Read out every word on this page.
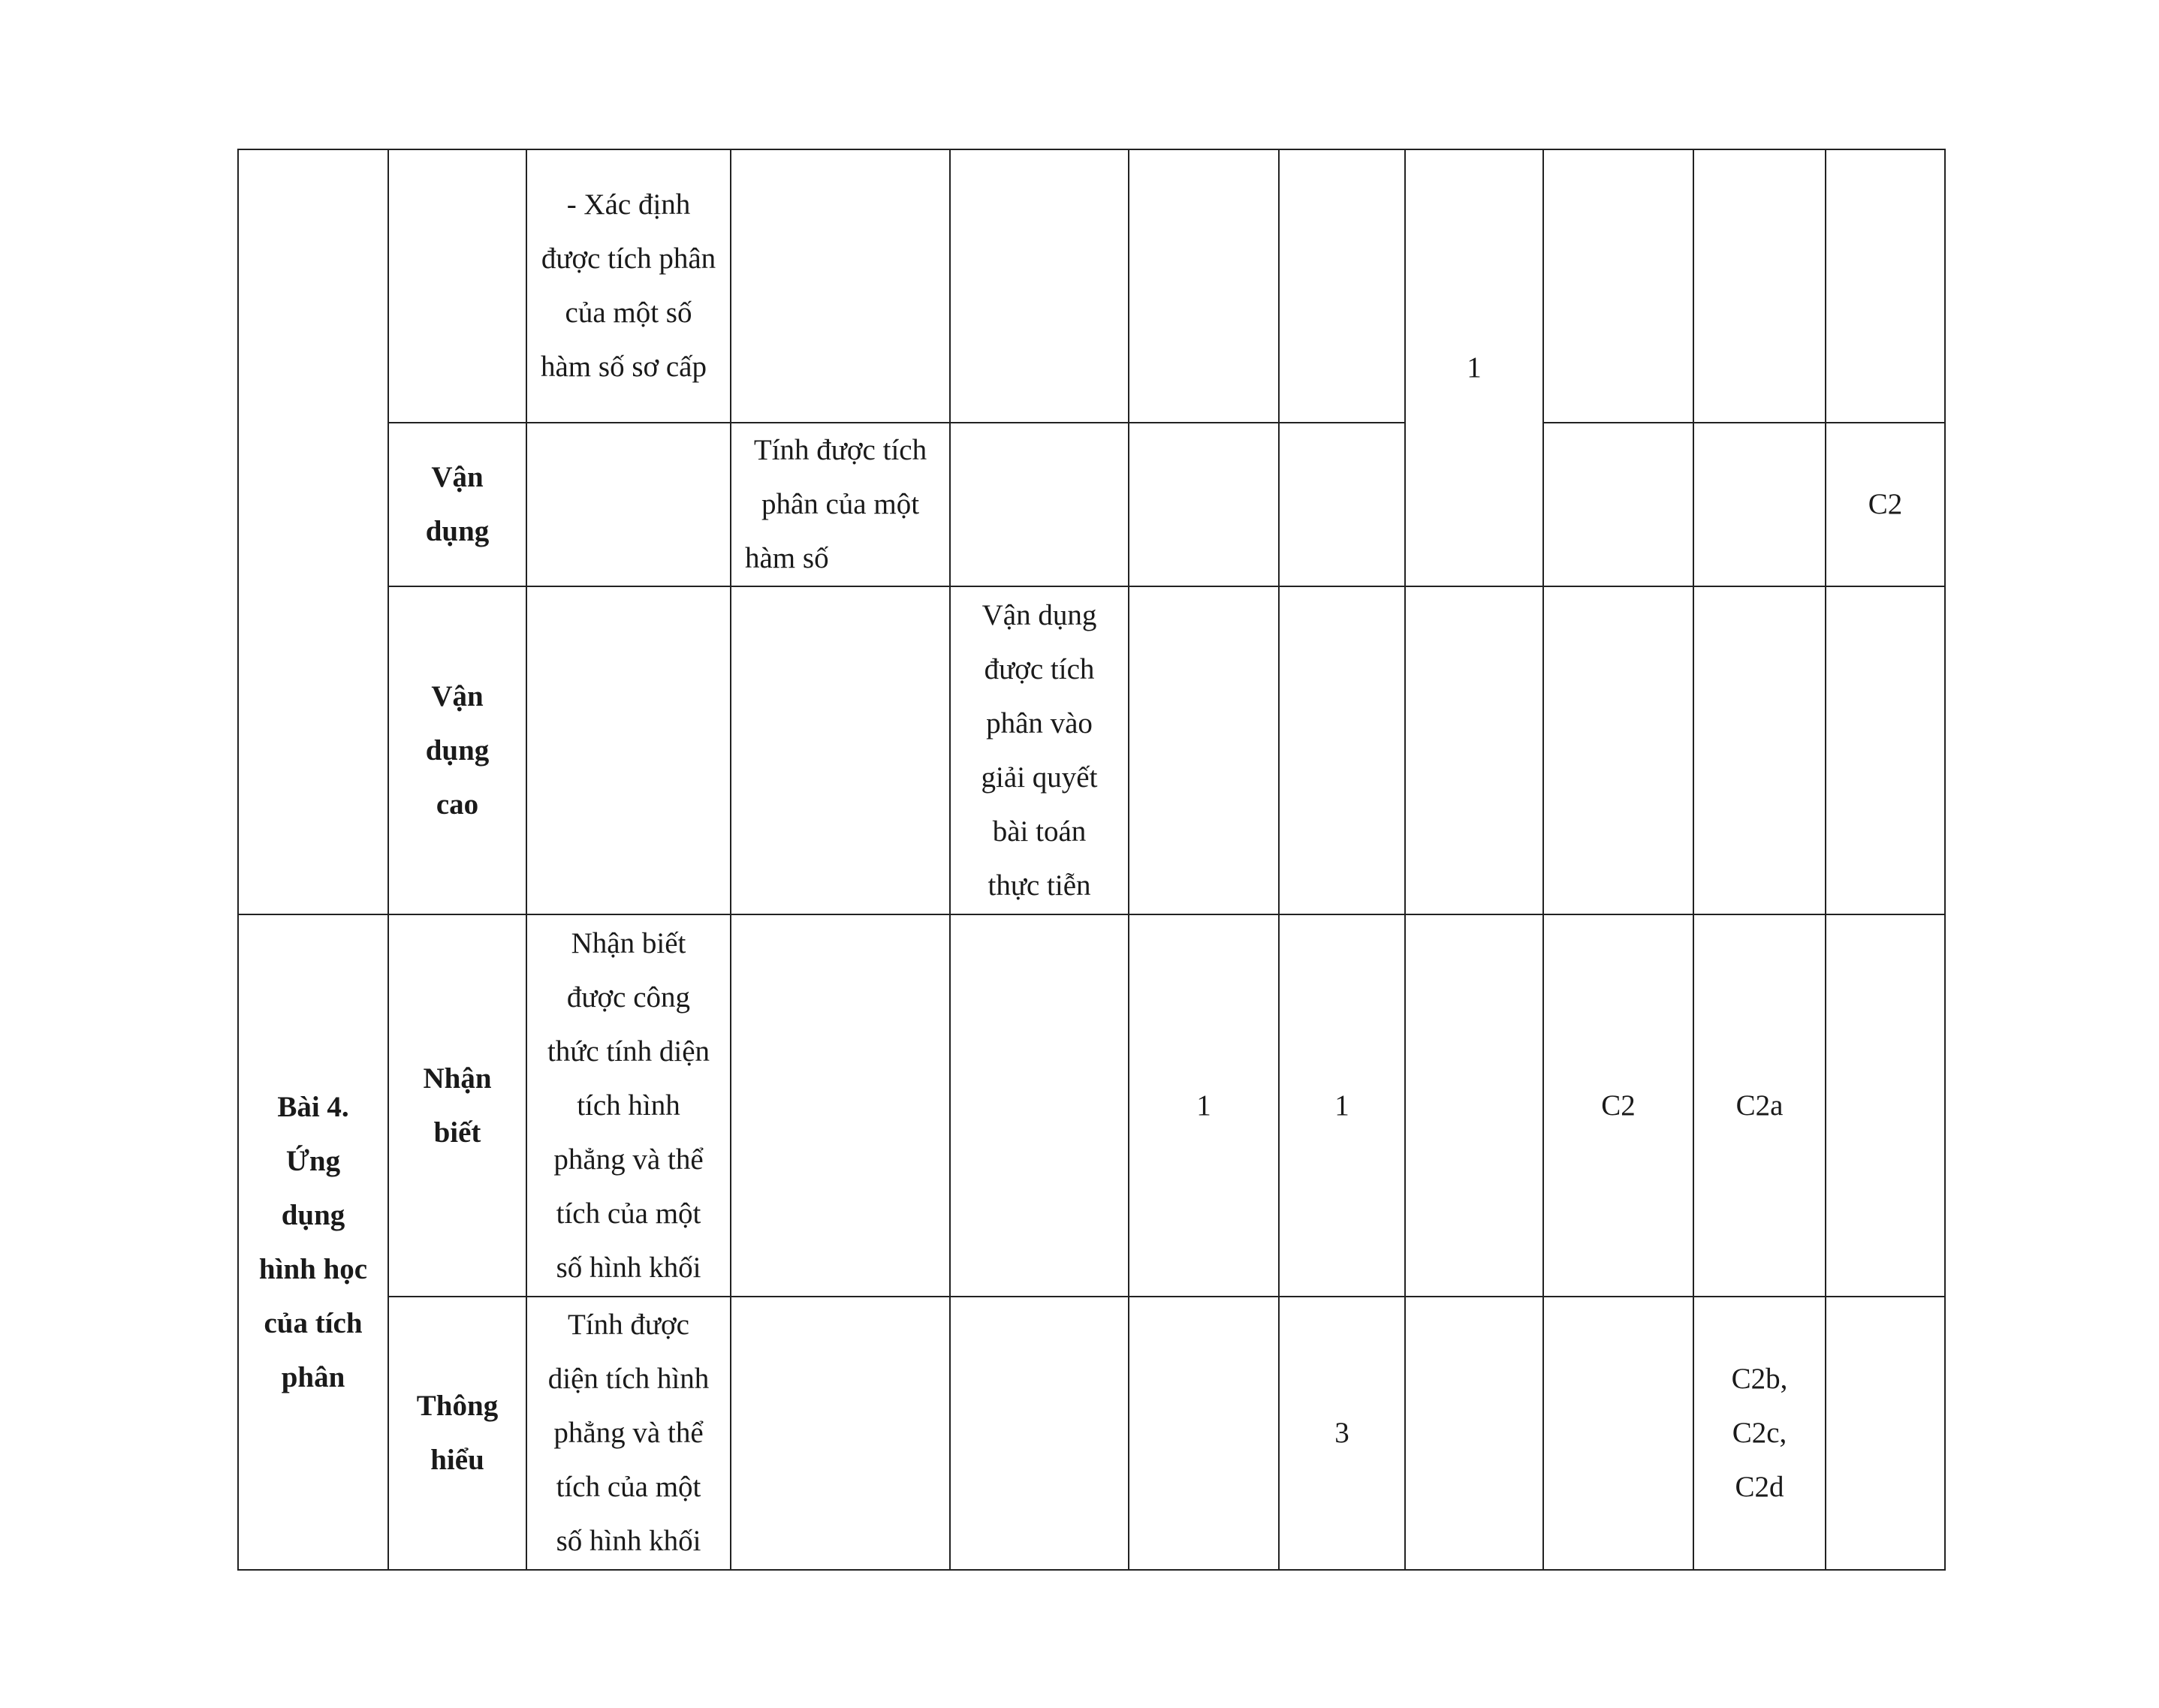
		- Xác định được tích phân của một số hàm số sơ cấp					1			
	Vận dụng		Tính được tích phân của một hàm số							C2
	Vận dụng cao			Vận dụng được tích phân vào giải quyết bài toán thực tiễn						
Bài 4. Ứng dụng hình học của tích phân	Nhận biết	Nhận biết được công thức tính diện tích hình phẳng và thể tích của một số hình khối			1	1		C2	C2a	
	Thông hiểu	Tính được diện tích hình phẳng và thể tích của một số hình khối				3			C2b, C2c, C2d	
